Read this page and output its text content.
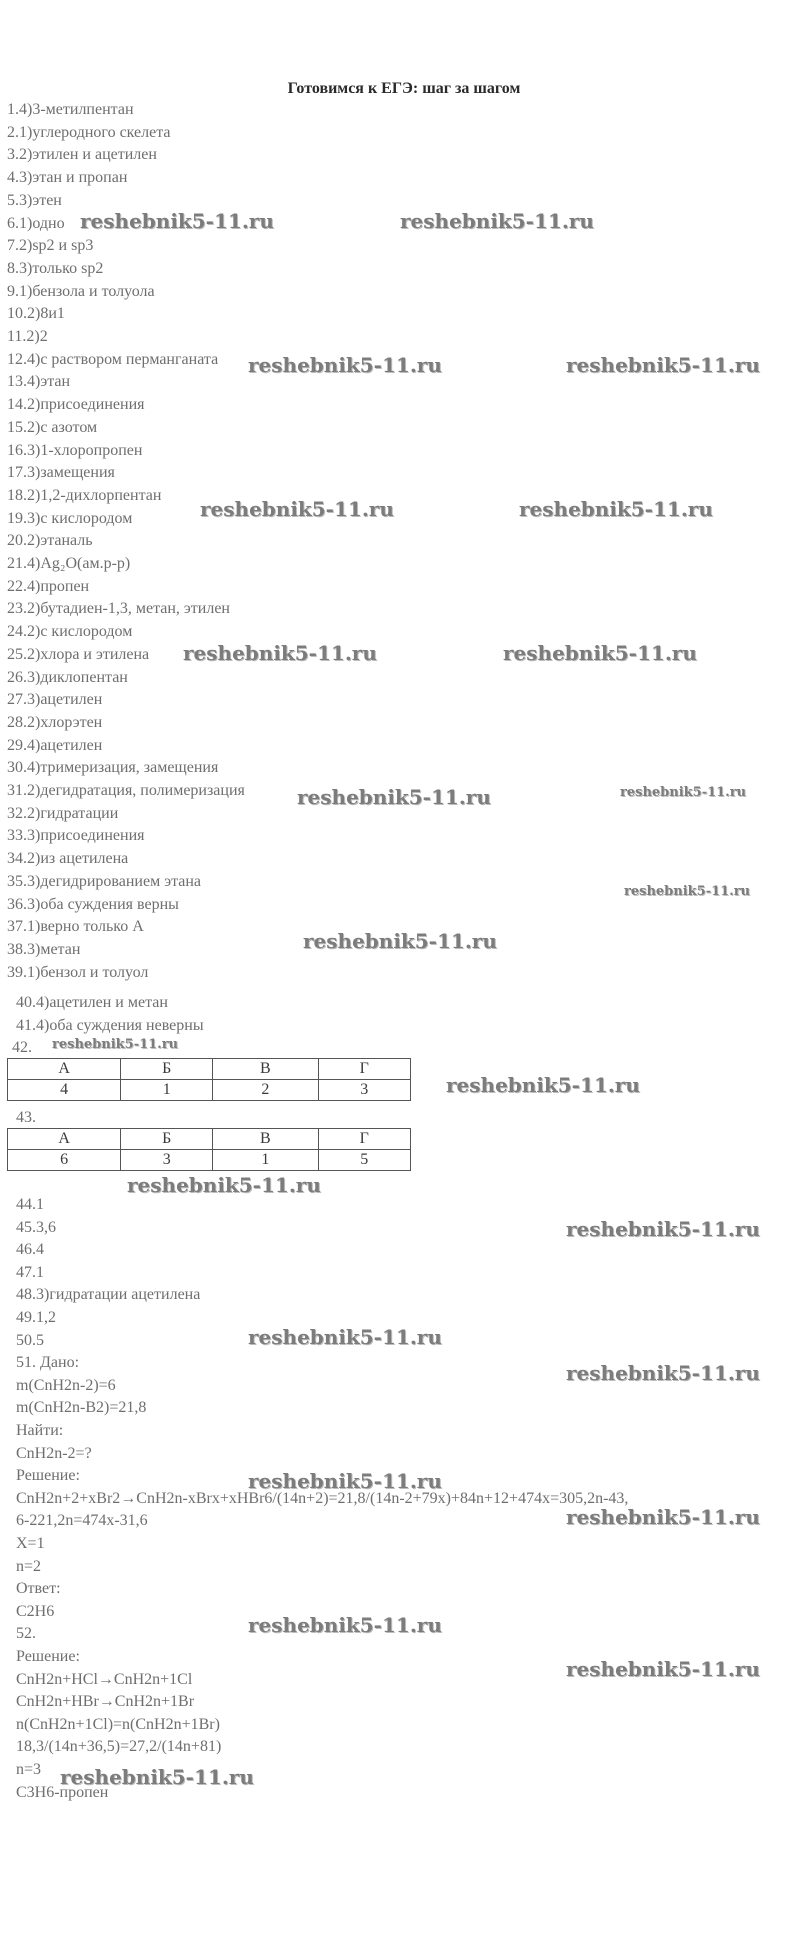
Готовимся к ЕГЭ: шаг за шагом
1.4)3-метилпентан
2.1)углеродного скелета
3.2)этилен и ацетилен
4.3)этан и пропан
5.3)этен
6.1)одно
7.2)sp2 и sp3
8.3)только sp2
9.1)бензола и толуола
10.2)8и1
11.2)2
12.4)с раствором перманганата
13.4)этан
14.2)присоединения
15.2)с азотом
16.3)1-хлоропропен
17.3)замещения
18.2)1,2-дихлорпентан
19.3)с кислородом
20.2)этаналь
21.4)Ag₂O(ам.р-р)
22.4)пропен
23.2)бутадиен-1,3, метан, этилен
24.2)с кислородом
25.2)хлора и этилена
26.3)диклопентан
27.3)ацетилен
28.2)хлорэтен
29.4)ацетилен
30.4)тримеризация, замещения
31.2)дегидратация, полимеризация
32.2)гидратации
33.3)присоединения
34.2)из ацетилена
35.3)дегидрированием этана
36.3)оба суждения верны
37.1)верно только А
38.3)метан
39.1)бензол и толуол
40.4)ацетилен и метан
41.4)оба суждения неверны
42.
А	Б	В	Г
4	1	2	3
43.
А	Б	В	Г
6	3	1	5
44.1
45.3,6
46.4
47.1
48.3)гидратации ацетилена
49.1,2
50.5
51. Дано:
m(CnH2n-2)=6
m(CnH2n-B2)=21,8
Найти:
CnH2n-2=?
Решение:
CnH2n+2+xBr2→CnH2n-xBrx+xHBr6/(14n+2)=21,8/(14n-2+79x)+84n+12+474x=305,2n-43,
6-221,2n=474x-31,6
X=1
n=2
Ответ:
C2H6
52.
Решение:
CnH2n+HCl→CnH2n+1Cl
CnH2n+HBr→CnH2n+1Br
n(CnH2n+1Cl)=n(CnH2n+1Br)
18,3/(14n+36,5)=27,2/(14n+81)
n=3
C3H6-пропен
reshebnik5-11.ru	reshebnik5-11.ru
reshebnik5-11.ru	reshebnik5-11.ru
reshebnik5-11.ru	reshebnik5-11.ru
reshebnik5-11.ru	reshebnik5-11.ru
reshebnik5-11.ru	reshebnik5-11.ru
reshebnik5-11.ru
reshebnik5-11.ru
reshebnik5-11.ru
reshebnik5-11.ru
reshebnik5-11.ru
reshebnik5-11.ru
reshebnik5-11.ru
reshebnik5-11.ru
reshebnik5-11.ru
reshebnik5-11.ru
reshebnik5-11.ru
reshebnik5-11.ru
reshebnik5-11.ru
